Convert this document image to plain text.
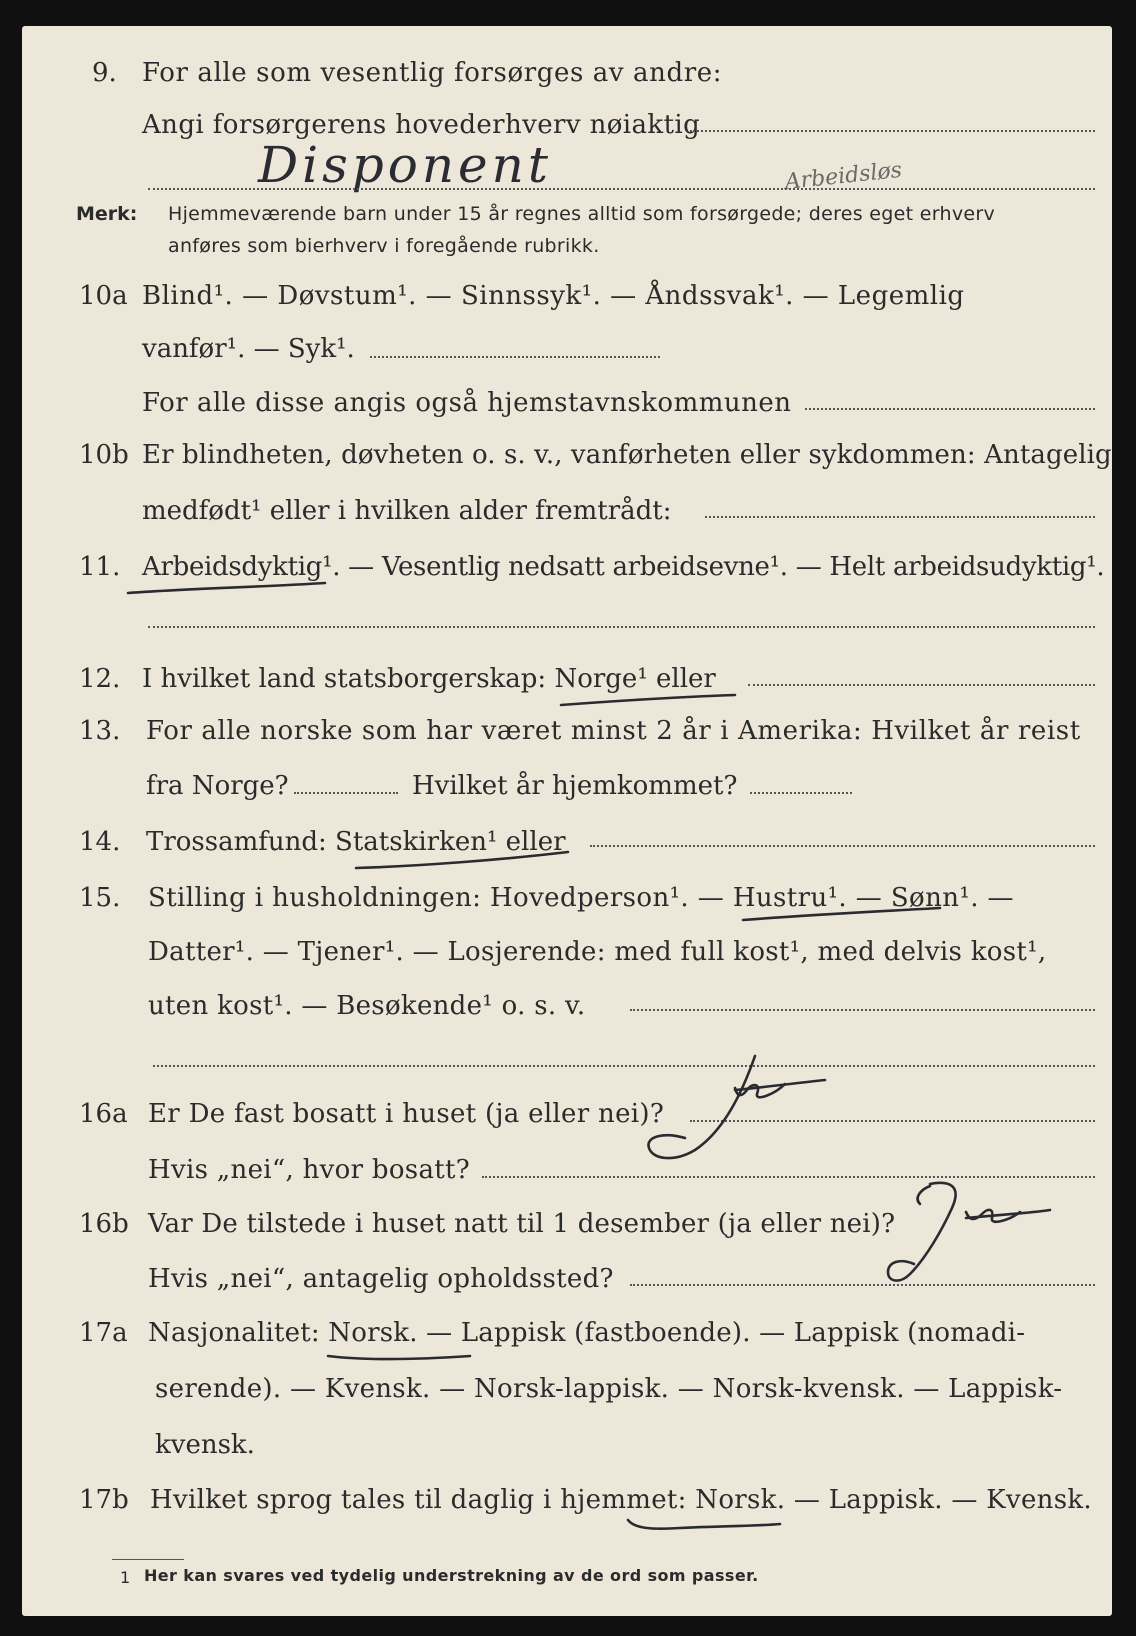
9. For alle som vesentlig forsørges av andre:
Angi forsørgerens hovederhverv nøiaktig
Disponent	Arbeidsløs
Merk: Hjemmeværende barn under 15 år regnes alltid som forsørgede; deres eget erhverv
anføres som bierhverv i foregående rubrikk.
10a Blind¹. — Døvstum¹. — Sinnssyk¹. — Åndssvak¹. — Legemlig
vanfør¹. — Syk¹.
For alle disse angis også hjemstavnskommunen
10b Er blindheten, døvheten o. s. v., vanførheten eller sykdommen: Antagelig
medfødt¹ eller i hvilken alder fremtrådt:
11. Arbeidsdyktig¹. — Vesentlig nedsatt arbeidsevne¹. — Helt arbeidsudyktig¹.
12. I hvilket land statsborgerskap: Norge¹ eller
13. For alle norske som har været minst 2 år i Amerika: Hvilket år reist
fra Norge?	Hvilket år hjemkommet?
14. Trossamfund: Statskirken¹ eller
15. Stilling i husholdningen: Hovedperson¹. — Hustru¹. — Sønn¹. —
Datter¹. — Tjener¹. — Losjerende: med full kost¹, med delvis kost¹,
uten kost¹. — Besøkende¹ o. s. v.
16a Er De fast bosatt i huset (ja eller nei)?
Hvis „nei“, hvor bosatt?
16b Var De tilstede i huset natt til 1 desember (ja eller nei)?
Hvis „nei“, antagelig opholdssted?
17a Nasjonalitet: Norsk. — Lappisk (fastboende). — Lappisk (nomadi-
serende). — Kvensk. — Norsk-lappisk. — Norsk-kvensk. — Lappisk-
kvensk.
17b Hvilket sprog tales til daglig i hjemmet: Norsk. — Lappisk. — Kvensk.
1 Her kan svares ved tydelig understrekning av de ord som passer.
